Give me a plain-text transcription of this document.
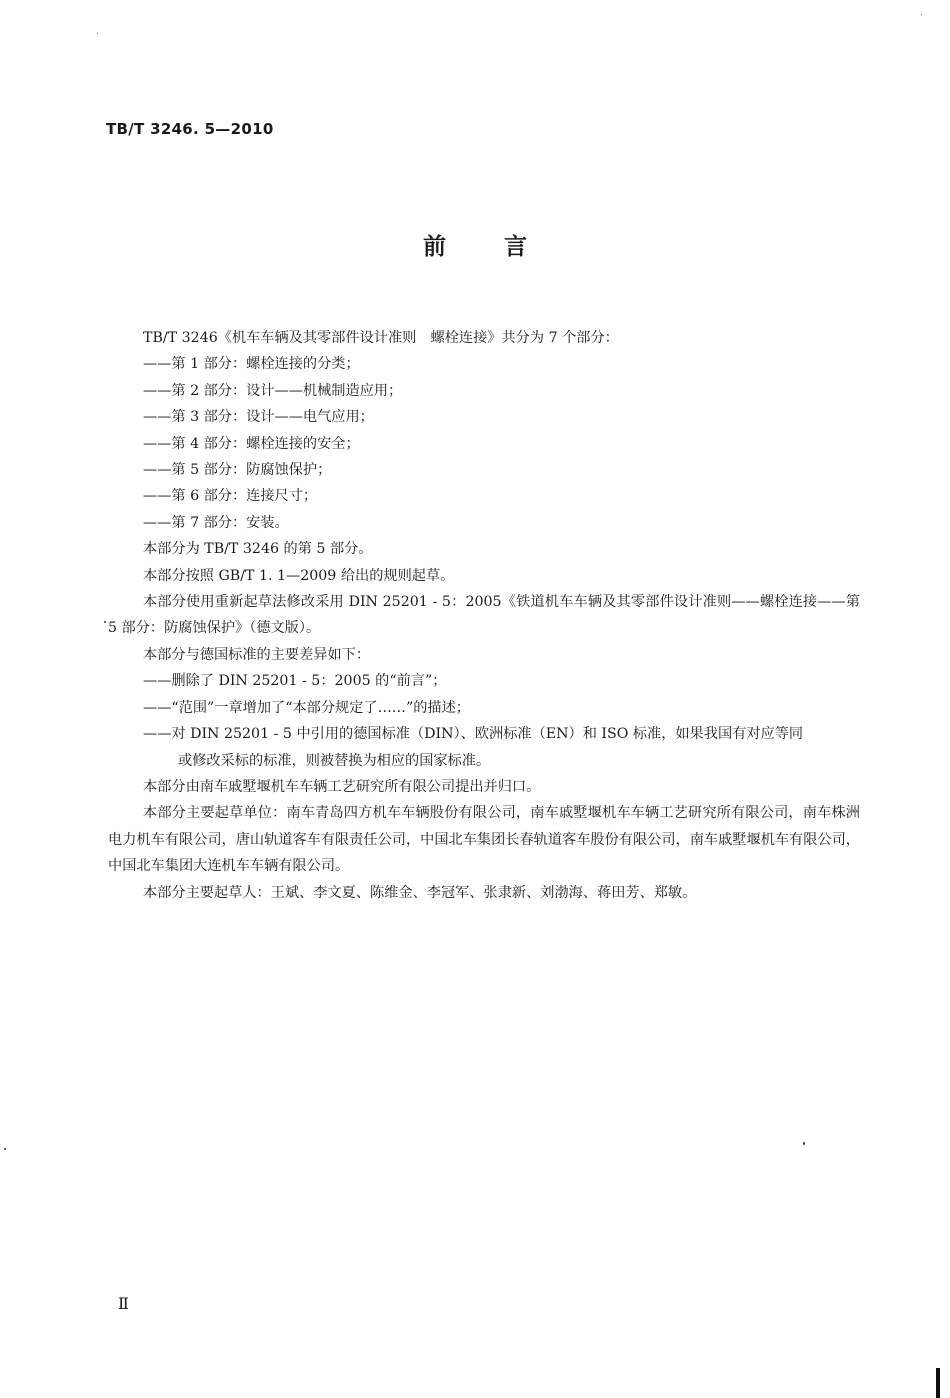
TB/T 3246. 5—2010
前	言

TB/T 3246《机车车辆及其零部件设计准则　螺栓连接》共分为 7 个部分：

——第 1 部分：螺栓连接的分类；

——第 2 部分：设计——机械制造应用；

——第 3 部分：设计——电气应用；

——第 4 部分：螺栓连接的安全；

——第 5 部分：防腐蚀保护；

——第 6 部分：连接尺寸；

——第 7 部分：安装。

本部分为 TB/T 3246 的第 5 部分。

本部分按照 GB/T 1. 1—2009 给出的规则起草。

本部分使用重新起草法修改采用 DIN 25201 - 5：2005《铁道机车车辆及其零部件设计准则——螺栓连接——第 5 部分：防腐蚀保护》（德文版）。

本部分与德国标准的主要差异如下：

——删除了 DIN 25201 - 5：2005 的“前言”；

——“范围”一章增加了“本部分规定了……”的描述；

——对 DIN 25201 - 5 中引用的德国标准（DIN）、欧洲标准（EN）和 ISO 标准，如果我国有对应等同
或修改采标的标准，则被替换为相应的国家标准。

本部分由南车戚墅堰机车车辆工艺研究所有限公司提出并归口。

本部分主要起草单位：南车青岛四方机车车辆股份有限公司，南车戚墅堰机车车辆工艺研究所有限公司，南车株洲电力机车有限公司，唐山轨道客车有限责任公司，中国北车集团长春轨道客车股份有限公司，南车戚墅堰机车有限公司，中国北车集团大连机车车辆有限公司。

本部分主要起草人：王斌、李文夏、陈维金、李冠军、张隶新、刘渤海、蒋田芳、郑敏。

Ⅱ
